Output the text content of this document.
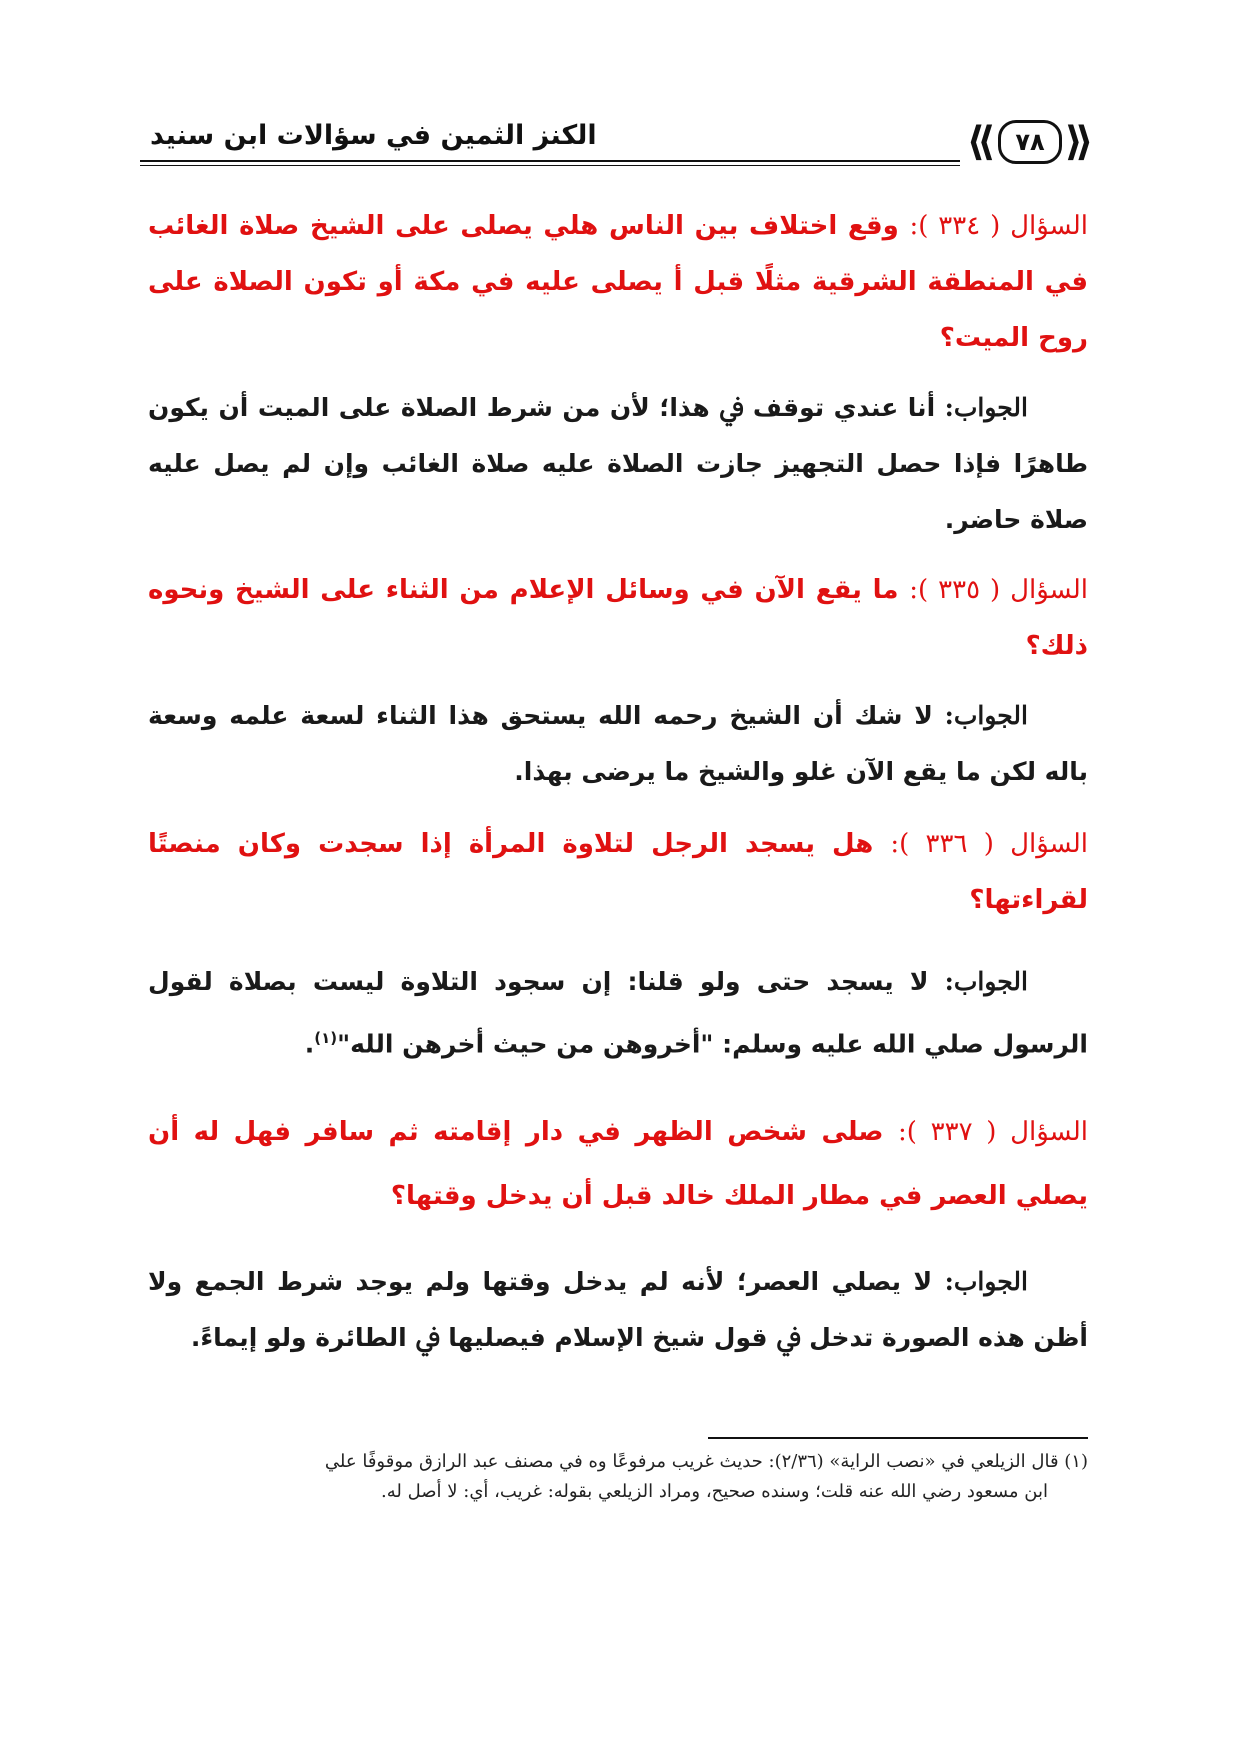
الكنز الثمين في سؤالات ابن سنيد	⟪
٧٨
⟫

السؤال ( ٣٣٤ ): وقع اختلاف بين الناس هلي يصلى على الشيخ صلاة الغائب في المنطقة الشرقية مثلًا قبل أ يصلى عليه في مكة أو تكون الصلاة على روح الميت؟

الجواب: أنا عندي توقف ﰲ هذا؛ لأن من شرط الصلاة على الميت أن يكون طاهرًا فإذا حصل التجهيز جازت الصلاة عليه صلاة الغائب وإن لم يصل عليه صلاة حاضر.

السؤال ( ٣٣٥ ): ما يقع الآن في وسائل الإعلام من الثناء على الشيخ ونحوه ذلك؟

الجواب: لا شك أن الشيخ رحمه الله يستحق هذا الثناء لسعة علمه وسعة باله لكن ما يقع الآن غلو والشيخ ما يرضى بهذا.

السؤال ( ٣٣٦ ): هل يسجد الرجل لتلاوة المرأة إذا سجدت وكان منصتًا لقراءتها؟

الجواب: لا يسجد حتى ولو قلنا: إن سجود التلاوة ليست بصلاة لقول الرسول صلي الله عليه وسلم: "أخروهن من حيث أخرهن الله"$^{(١)}$.

السؤال ( ٣٣٧ ): صلى شخص الظهر في دار إقامته ثم سافر فهل له أن يصلي العصر في مطار الملك خالد قبل أن يدخل وقتها؟

الجواب: لا يصلي العصر؛ لأنه لم يدخل وقتها ولم يوجد شرط الجمع ولا أظن هذه الصورة تدخل ﰲ قول شيخ الإسلام فيصليها ﰲ الطائرة ولو إيماءً.

(١) قال الزيلعي في «نصب الراية» (٢/٣٦): حديث غريب مرفوعًا وه في مصنف عبد الرازق موقوفًا علي

ابن مسعود رضي الله عنه قلت؛ وسنده صحيح، ومراد الزيلعي بقوله: غريب، أي: لا أصل له.
